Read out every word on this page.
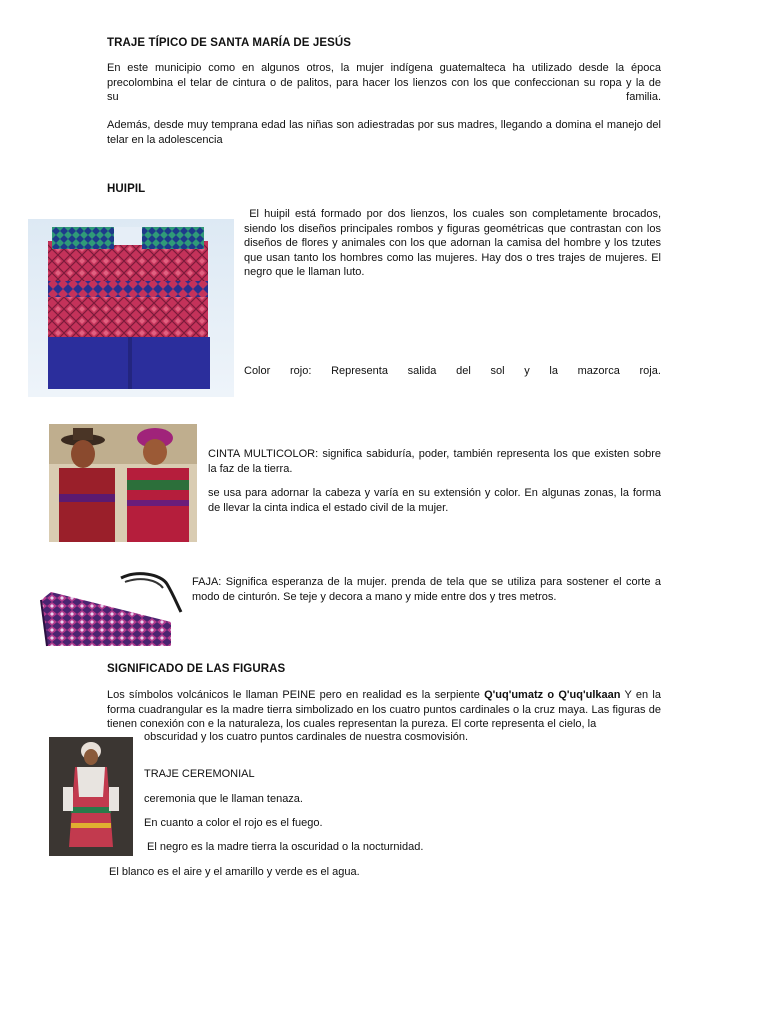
TRAJE TÍPICO DE SANTA MARÍA DE JESÚS
En este municipio como en algunos otros, la mujer indígena guatemalteca ha utilizado desde la época
precolombina el telar de cintura o de palitos, para hacer los lienzos con los que confeccionan su ropa y la de
su	familia.
Además, desde muy temprana edad las niñas son adiestradas por sus madres, llegando a domina el manejo del telar en la adolescencia
HUIPIL
El huipil está formado por dos lienzos, los cuales son completamente brocados, siendo los diseños principales rombos y figuras geométricas que contrastan con los diseños de flores y animales con los que adornan la camisa del hombre y los tzutes que usan tanto los hombres como las mujeres. Hay dos o tres trajes de mujeres. El negro que le llaman luto.
Color rojo: Representa salida del sol y la mazorca roja.
CINTA MULTICOLOR: significa sabiduría, poder, también representa los que existen sobre la faz de la tierra.
se usa para adornar la cabeza y varía en su extensión y color. En algunas zonas, la forma de llevar la cinta indica el estado civil de la mujer.
FAJA: Significa esperanza de la mujer. prenda de tela que se utiliza para sostener el corte a modo de cinturón. Se teje y decora a mano y mide entre dos y tres metros.
SIGNIFICADO DE LAS FIGURAS
Los símbolos volcánicos le llaman PEINE pero en realidad es la serpiente Q'uq'umatz o Q'uq'ulkaan Y en la forma cuadrangular es la madre tierra simbolizado en los cuatro puntos cardinales o la cruz maya. Las figuras de tienen conexión con e la naturaleza, los cuales representan la pureza. El corte representa el cielo, la
obscuridad y los cuatro puntos cardinales de nuestra cosmovisión.
TRAJE CEREMONIAL
ceremonia que le llaman tenaza.
En cuanto a color el rojo es el fuego.
El negro es la madre tierra la oscuridad o la nocturnidad.
El blanco es el aire y el amarillo y verde es el agua.
